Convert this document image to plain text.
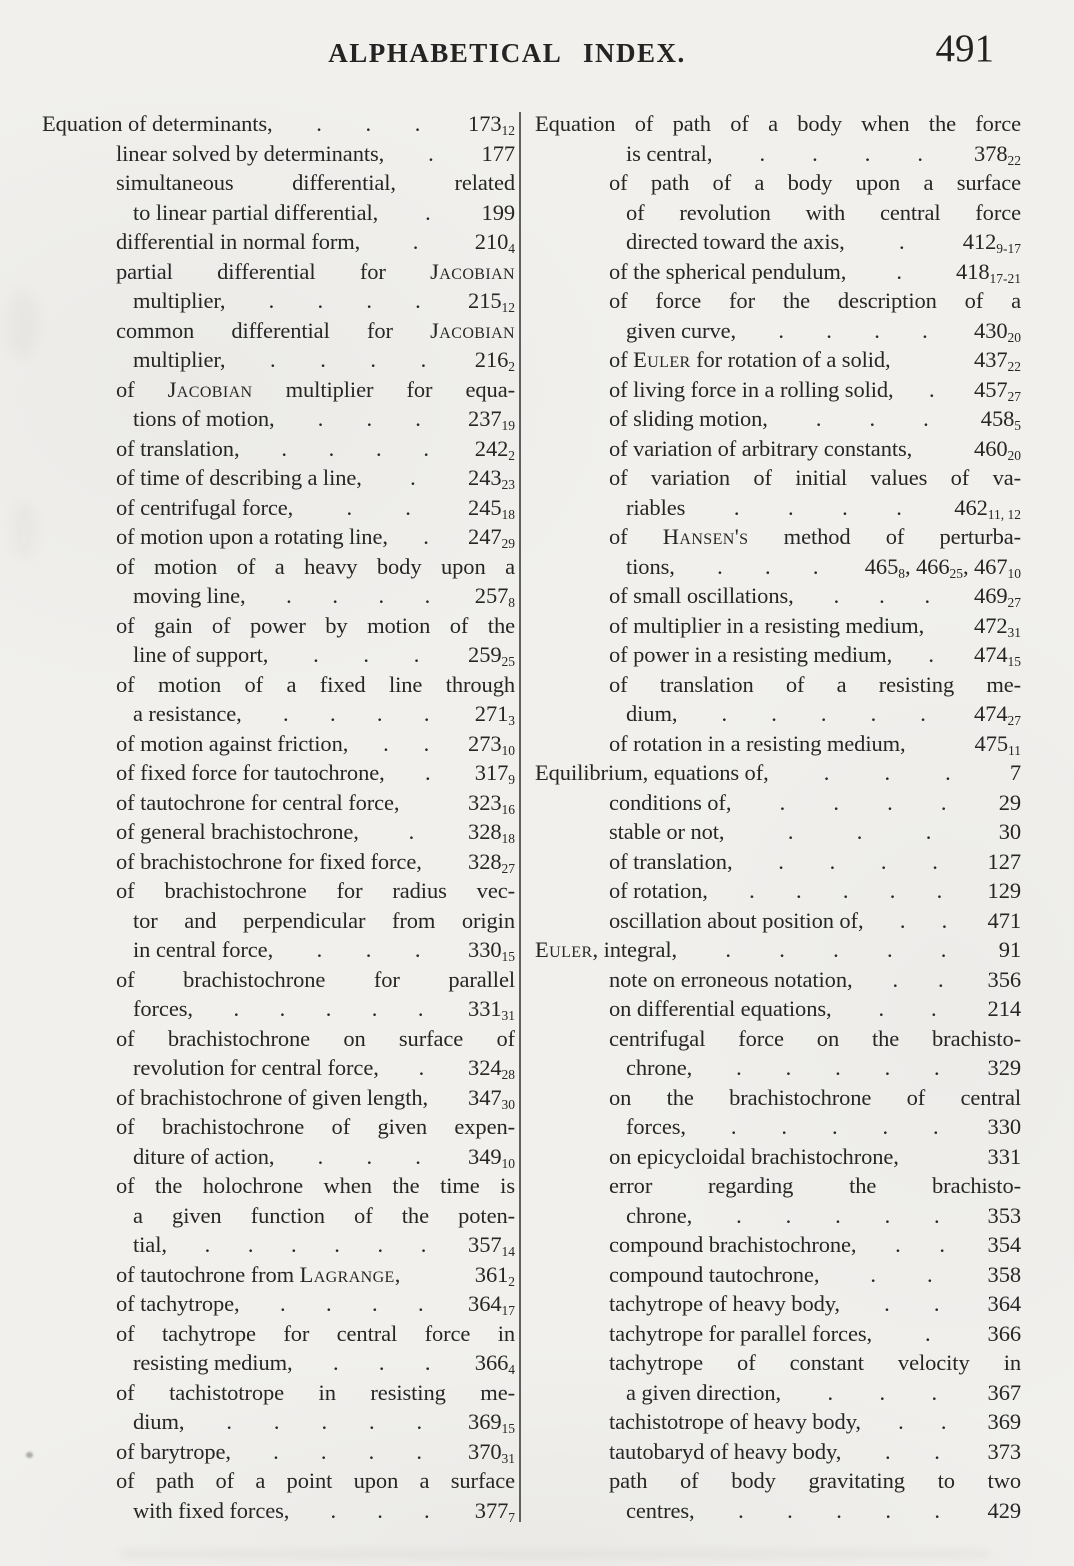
ALPHABETICAL INDEX.	491
Equation of determinants, . . . $173_{12}$
linear solved by determinants, . 177
simultaneous differential, related
to linear partial differential, . 199
differential in normal form, .	$210_4$
partial differential for Jacobian
multiplier, . . . . $215_{12}$
common differential for Jacobian
multiplier, . . . . $216_2$
of Jacobian multiplier for equa-
tions of motion, . . . $237_{19}$
of translation, . . . . $242_2$
of time of describing a line, . $243_{23}$
of centrifugal force, . .	$245_{18}$
of motion upon a rotating line, . $247_{29}$
of motion of a heavy body upon a
moving line, . . . . $257_8$
of gain of power by motion of the
line of support, . . . $259_{25}$
of motion of a fixed line through
a resistance, . . . . $271_3$
of motion against friction, . . $273_{10}$
of fixed force for tautochrone, . $317_9$
of tautochrone for central force,	$323_{16}$
of general brachistochrone, . $328_{18}$
of brachistochrone for fixed force, $328_{27}$
of brachistochrone for radius vec-
tor and perpendicular from origin
in central force, . . . $330_{15}$
of brachistochrone for parallel
forces, . . . . . $331_{31}$
of brachistochrone on surface of
revolution for central force, . $324_{28}$
of brachistochrone of given length, $347_{30}$
of brachistochrone of given expen-
diture of action, . . . $349_{10}$
of the holochrone when the time is
a given function of the poten-
tial, . . . . . . $357_{14}$
of tautochrone from Lagrange,	$361_2$
of tachytrope, . . . . $364_{17}$
of tachytrope for central force in
resisting medium, . . . $366_4$
of tachistotrope in resisting me-
dium, . . . . . $369_{15}$
of barytrope, . . . . $370_{31}$
of path of a point upon a surface
with fixed forces, . . . $377_7$
Equation of path of a body when the force
is central, . . . . $378_{22}$
of path of a body upon a surface
of revolution with central force
directed toward the axis, .	$412_{9-17}$
of the spherical pendulum, . $418_{17-21}$
of force for the description of a
given curve, . . . . $430_{20}$
of Euler for rotation of a solid,	$437_{22}$
of living force in a rolling solid, . $457_{27}$
of sliding motion, . . . $458_5$
of variation of arbitrary constants,	$460_{20}$
of variation of initial values of va-
riables . . . . $462_{11, 12}$
of Hansen's method of perturba-
tions, . . . $465_8$, $466_{25}$, $467_{10}$
of small oscillations, . . . $469_{27}$
of multiplier in a resisting medium, $472_{31}$
of power in a resisting medium, . $474_{15}$
of translation of a resisting me-
dium, . . . . . $474_{27}$
of rotation in a resisting medium,	$475_{11}$
Equilibrium, equations of, . . .	7
conditions of, . . . . 29
stable or not,	.	.	.	30
of translation, . . . . 127
of rotation, . . . . . 129
oscillation about position of, . . 471
Euler, integral, . . . . . 91
note on erroneous notation, . . 356
on differential equations, . . 214
centrifugal force on the brachisto-
chrone, . . . . . 329
on the brachistochrone of central
forces, . . . . . 330
on epicycloidal brachistochrone,	331
error regarding the brachisto-
chrone, . . . . . 353
compound brachistochrone, . . 354
compound tautochrone, . . 358
tachytrope of heavy body, . . 364
tachytrope for parallel forces, .	366
tachytrope of constant velocity in
a given direction, . . . 367
tachistotrope of heavy body, . . 369
tautobaryd of heavy body, . . 373
path of body gravitating to two
centres, . . . . . 429
